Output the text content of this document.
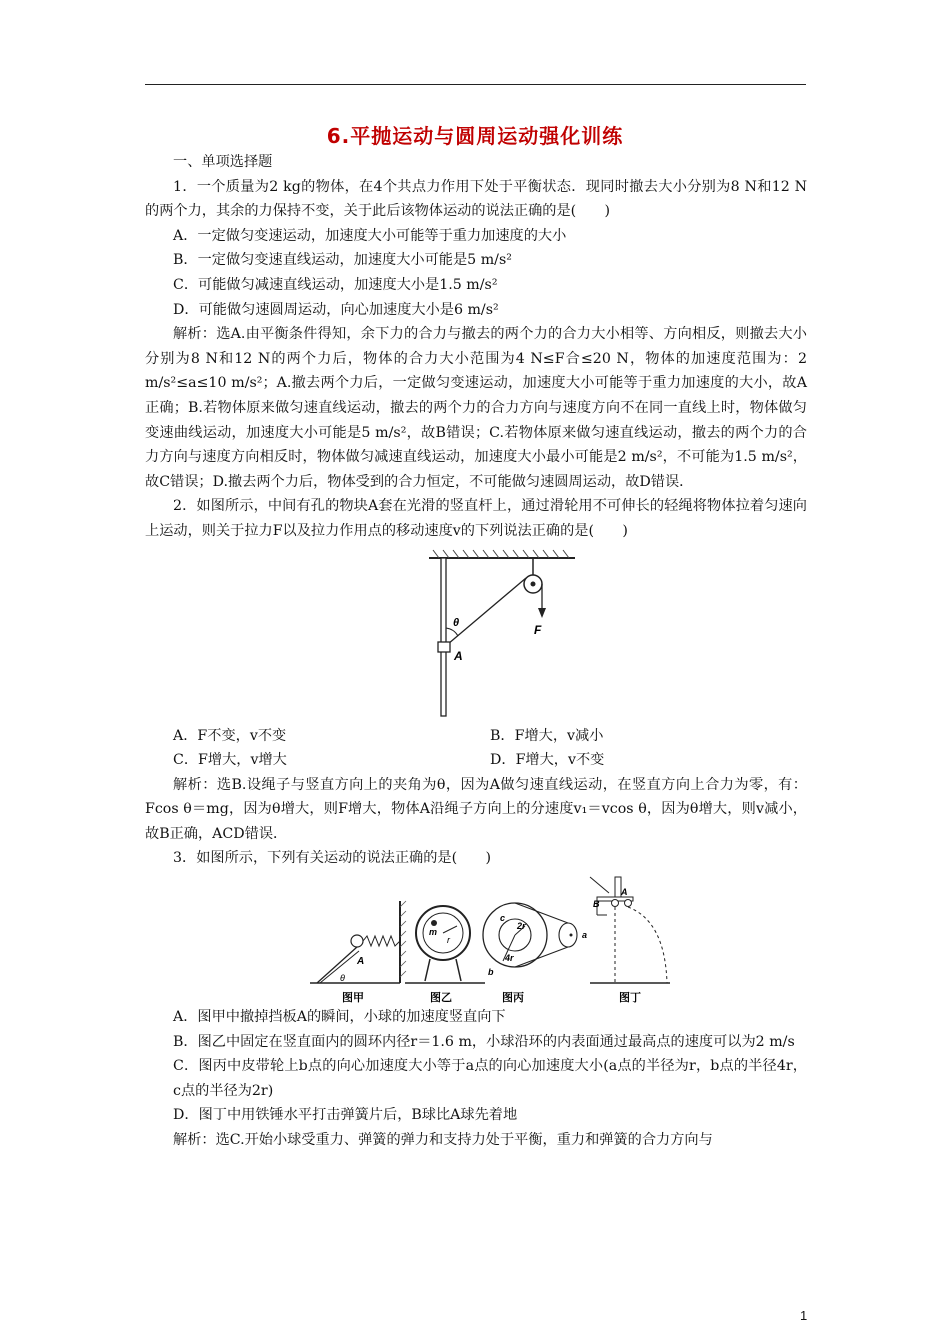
6.平抛运动与圆周运动强化训练

一、单项选择题

1．一个质量为2 kg的物体，在4个共点力作用下处于平衡状态．现同时撤去大小分别为8 N和12 N的两个力，其余的力保持不变，关于此后该物体运动的说法正确的是(　　)

A．一定做匀变速运动，加速度大小可能等于重力加速度的大小

B．一定做匀变速直线运动，加速度大小可能是5 m/s²

C．可能做匀减速直线运动，加速度大小是1.5 m/s²

D．可能做匀速圆周运动，向心加速度大小是6 m/s²

解析：选A.由平衡条件得知，余下力的合力与撤去的两个力的合力大小相等、方向相反，则撤去大小分别为8 N和12 N的两个力后，物体的合力大小范围为4 N≤F合≤20 N，物体的加速度范围为：2 m/s²≤a≤10 m/s²；A.撤去两个力后，一定做匀变速运动，加速度大小可能等于重力加速度的大小，故A正确；B.若物体原来做匀速直线运动，撤去的两个力的合力方向与速度方向不在同一直线上时，物体做匀变速曲线运动，加速度大小可能是5 m/s²，故B错误；C.若物体原来做匀速直线运动，撤去的两个力的合力方向与速度方向相反时，物体做匀减速直线运动，加速度大小最小可能是2 m/s²，不可能为1.5 m/s²，故C错误；D.撤去两个力后，物体受到的合力恒定，不可能做匀速圆周运动，故D错误．

2．如图所示，中间有孔的物块A套在光滑的竖直杆上，通过滑轮用不可伸长的轻绳将物体拉着匀速向上运动，则关于拉力F以及拉力作用点的移动速度v的下列说法正确的是(　　)

θ
A
F
A．F不变，v不变	B．F增大，v减小
C．F增大，v增大	D．F增大，v不变

解析：选B.设绳子与竖直方向上的夹角为θ，因为A做匀速直线运动，在竖直方向上合力为零，有：Fcos θ＝mg，因为θ增大，则F增大，物体A沿绳子方向上的分速度v₁＝vcos θ，因为θ增大，则v减小，故B正确，ACD错误．

3．如图所示，下列有关运动的说法正确的是(　　)

A
θ
图甲
m
r
图乙
c
2r
4r
b
a
图丙
B
A
图丁

A．图甲中撤掉挡板A的瞬间，小球的加速度竖直向下

B．图乙中固定在竖直面内的圆环内径r＝1.6 m，小球沿环的内表面通过最高点的速度可以为2 m/s

C．图丙中皮带轮上b点的向心加速度大小等于a点的向心加速度大小(a点的半径为r，b点的半径4r，c点的半径为2r)

D．图丁中用铁锤水平打击弹簧片后，B球比A球先着地

解析：选C.开始小球受重力、弹簧的弹力和支持力处于平衡，重力和弹簧的合力方向与

1
